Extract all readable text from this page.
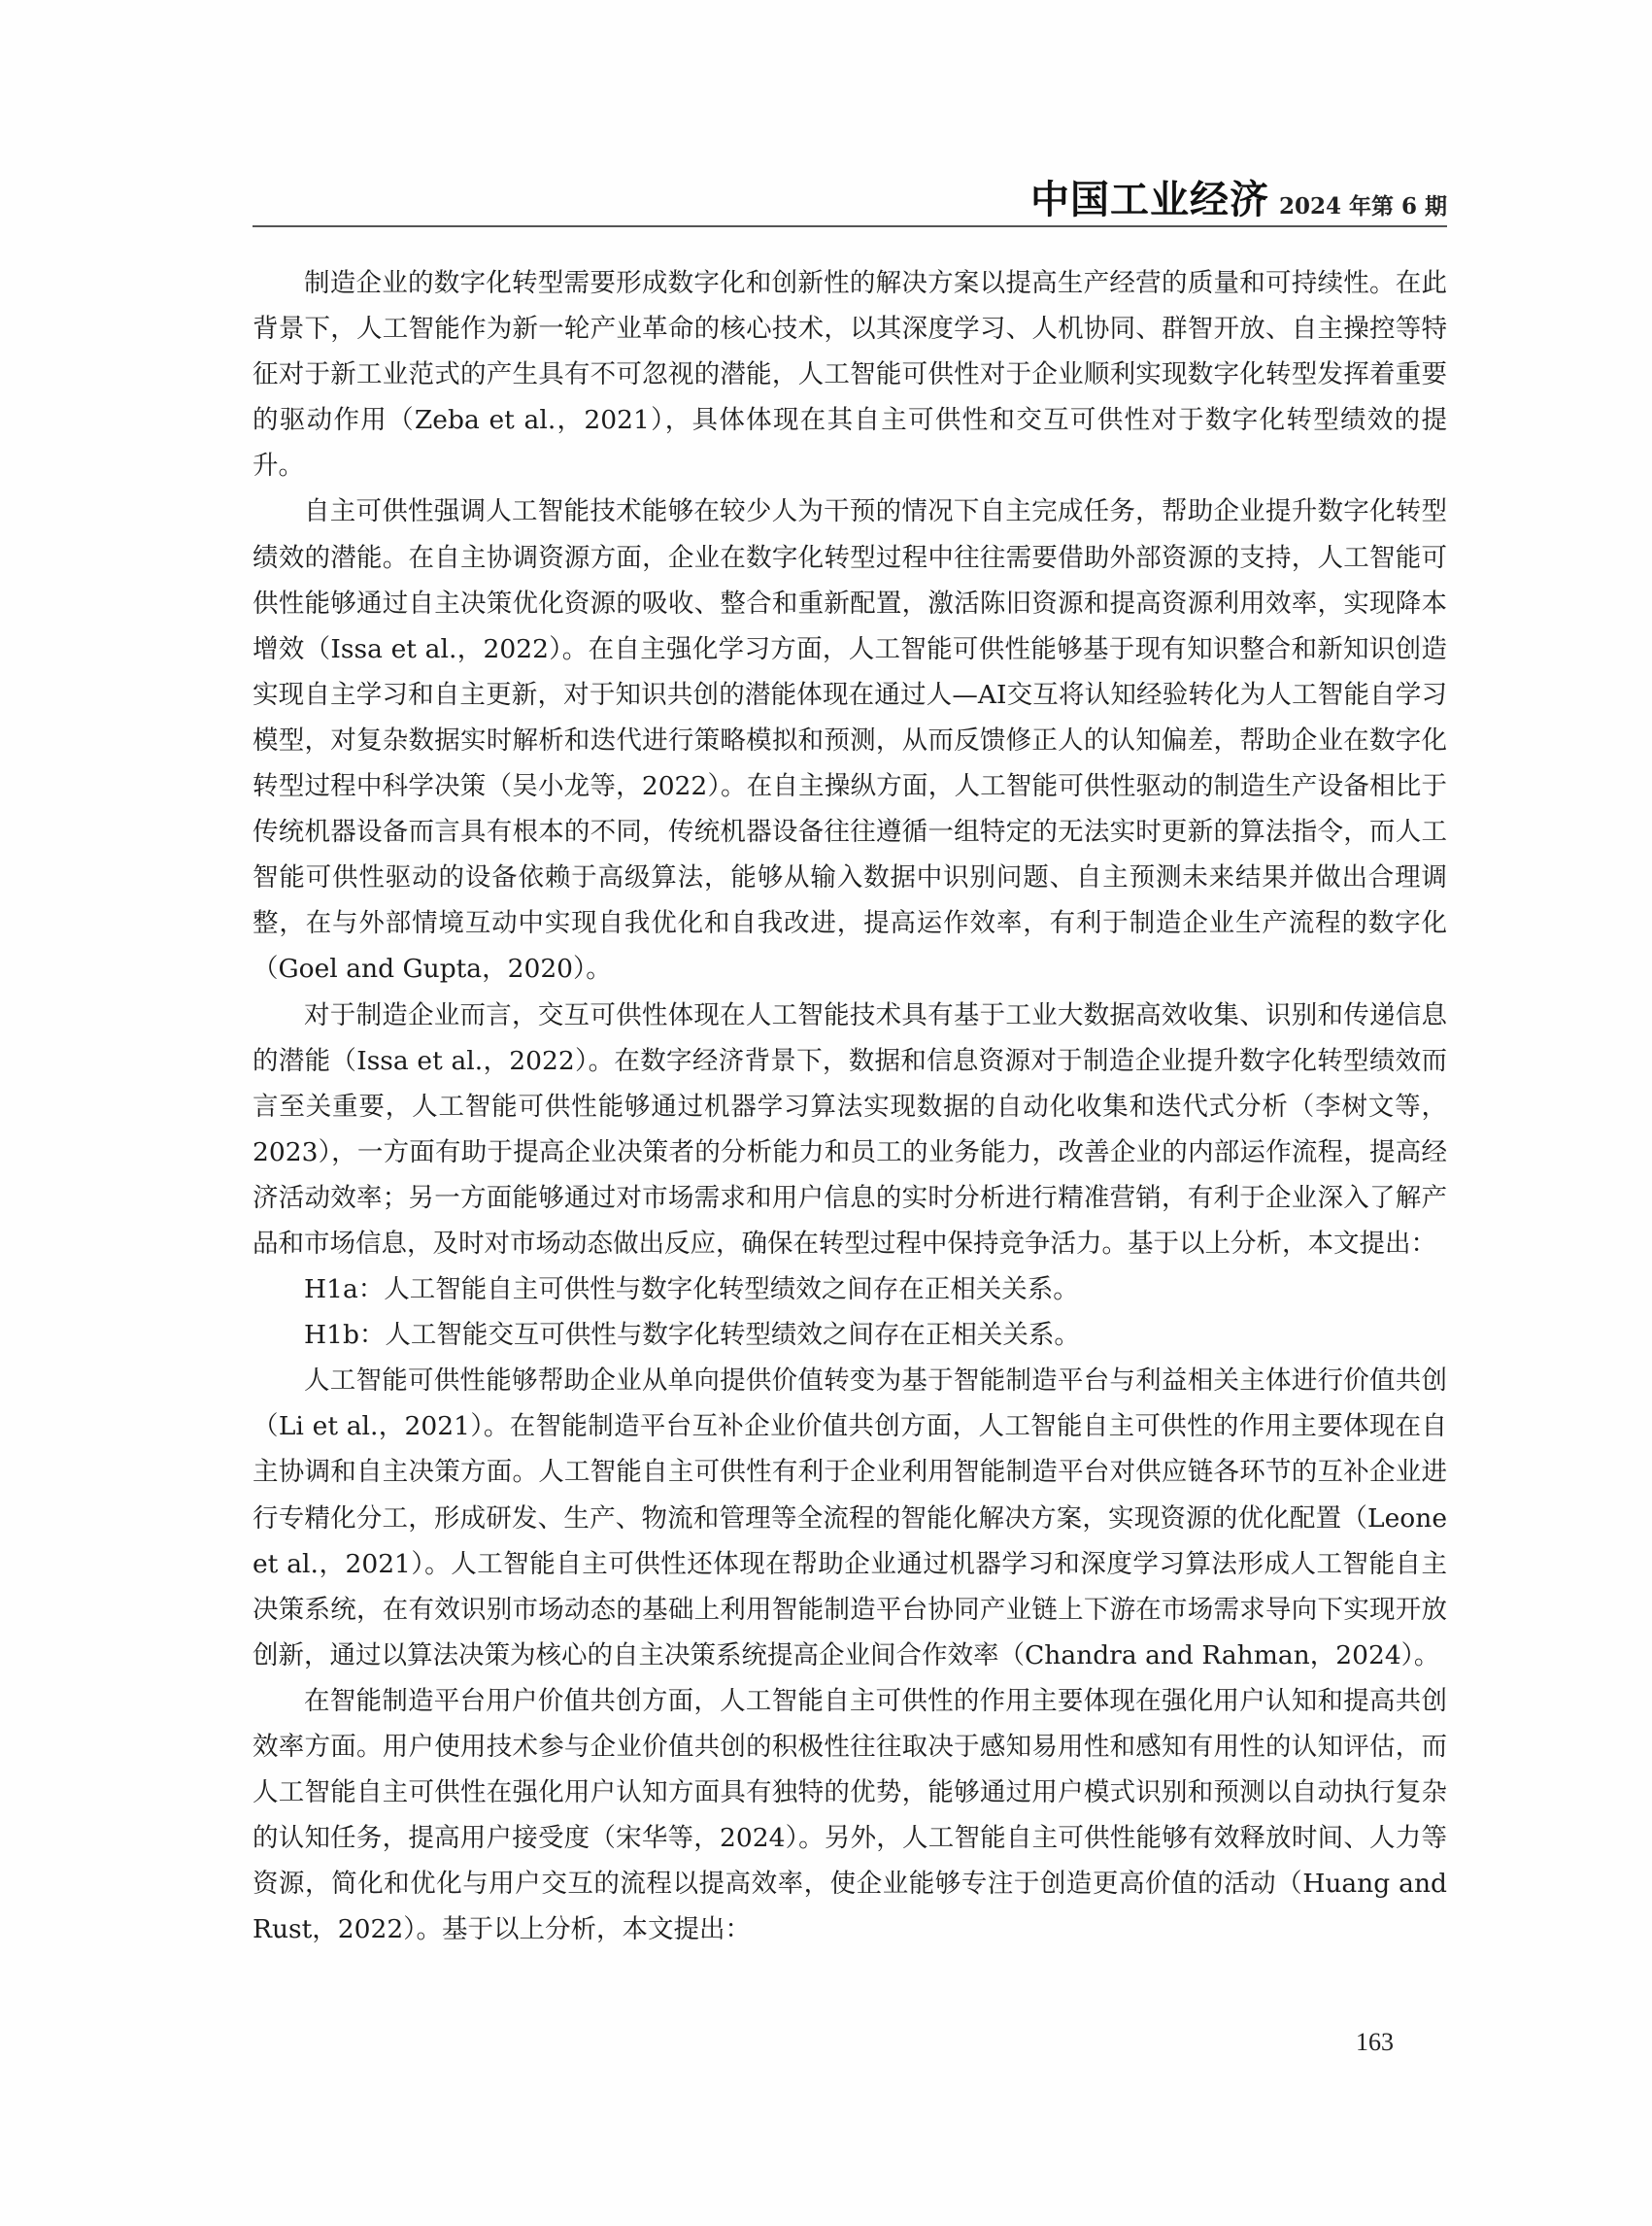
中国工业经济 2024 年第 6 期

制造企业的数字化转型需要形成数字化和创新性的解决方案以提高生产经营的质量和可持续性。在此背景下，人工智能作为新一轮产业革命的核心技术，以其深度学习、人机协同、群智开放、自主操控等特征对于新工业范式的产生具有不可忽视的潜能，人工智能可供性对于企业顺利实现数字化转型发挥着重要的驱动作用（Zeba et al.，2021），具体体现在其自主可供性和交互可供性对于数字化转型绩效的提升。

自主可供性强调人工智能技术能够在较少人为干预的情况下自主完成任务，帮助企业提升数字化转型绩效的潜能。在自主协调资源方面，企业在数字化转型过程中往往需要借助外部资源的支持，人工智能可供性能够通过自主决策优化资源的吸收、整合和重新配置，激活陈旧资源和提高资源利用效率，实现降本增效（Issa et al.，2022）。在自主强化学习方面，人工智能可供性能够基于现有知识整合和新知识创造实现自主学习和自主更新，对于知识共创的潜能体现在通过人—AI交互将认知经验转化为人工智能自学习模型，对复杂数据实时解析和迭代进行策略模拟和预测，从而反馈修正人的认知偏差，帮助企业在数字化转型过程中科学决策（吴小龙等，2022）。在自主操纵方面，人工智能可供性驱动的制造生产设备相比于传统机器设备而言具有根本的不同，传统机器设备往往遵循一组特定的无法实时更新的算法指令，而人工智能可供性驱动的设备依赖于高级算法，能够从输入数据中识别问题、自主预测未来结果并做出合理调整，在与外部情境互动中实现自我优化和自我改进，提高运作效率，有利于制造企业生产流程的数字化（Goel and Gupta，2020）。

对于制造企业而言，交互可供性体现在人工智能技术具有基于工业大数据高效收集、识别和传递信息的潜能（Issa et al.，2022）。在数字经济背景下，数据和信息资源对于制造企业提升数字化转型绩效而言至关重要，人工智能可供性能够通过机器学习算法实现数据的自动化收集和迭代式分析（李树文等，2023），一方面有助于提高企业决策者的分析能力和员工的业务能力，改善企业的内部运作流程，提高经济活动效率；另一方面能够通过对市场需求和用户信息的实时分析进行精准营销，有利于企业深入了解产品和市场信息，及时对市场动态做出反应，确保在转型过程中保持竞争活力。基于以上分析，本文提出：

H1a：人工智能自主可供性与数字化转型绩效之间存在正相关关系。

H1b：人工智能交互可供性与数字化转型绩效之间存在正相关关系。

人工智能可供性能够帮助企业从单向提供价值转变为基于智能制造平台与利益相关主体进行价值共创（Li et al.，2021）。在智能制造平台互补企业价值共创方面，人工智能自主可供性的作用主要体现在自主协调和自主决策方面。人工智能自主可供性有利于企业利用智能制造平台对供应链各环节的互补企业进行专精化分工，形成研发、生产、物流和管理等全流程的智能化解决方案，实现资源的优化配置（Leone et al.，2021）。人工智能自主可供性还体现在帮助企业通过机器学习和深度学习算法形成人工智能自主决策系统，在有效识别市场动态的基础上利用智能制造平台协同产业链上下游在市场需求导向下实现开放创新，通过以算法决策为核心的自主决策系统提高企业间合作效率（Chandra and Rahman，2024）。

在智能制造平台用户价值共创方面，人工智能自主可供性的作用主要体现在强化用户认知和提高共创效率方面。用户使用技术参与企业价值共创的积极性往往取决于感知易用性和感知有用性的认知评估，而人工智能自主可供性在强化用户认知方面具有独特的优势，能够通过用户模式识别和预测以自动执行复杂的认知任务，提高用户接受度（宋华等，2024）。另外，人工智能自主可供性能够有效释放时间、人力等资源，简化和优化与用户交互的流程以提高效率，使企业能够专注于创造更高价值的活动（Huang and Rust，2022）。基于以上分析，本文提出：

163
